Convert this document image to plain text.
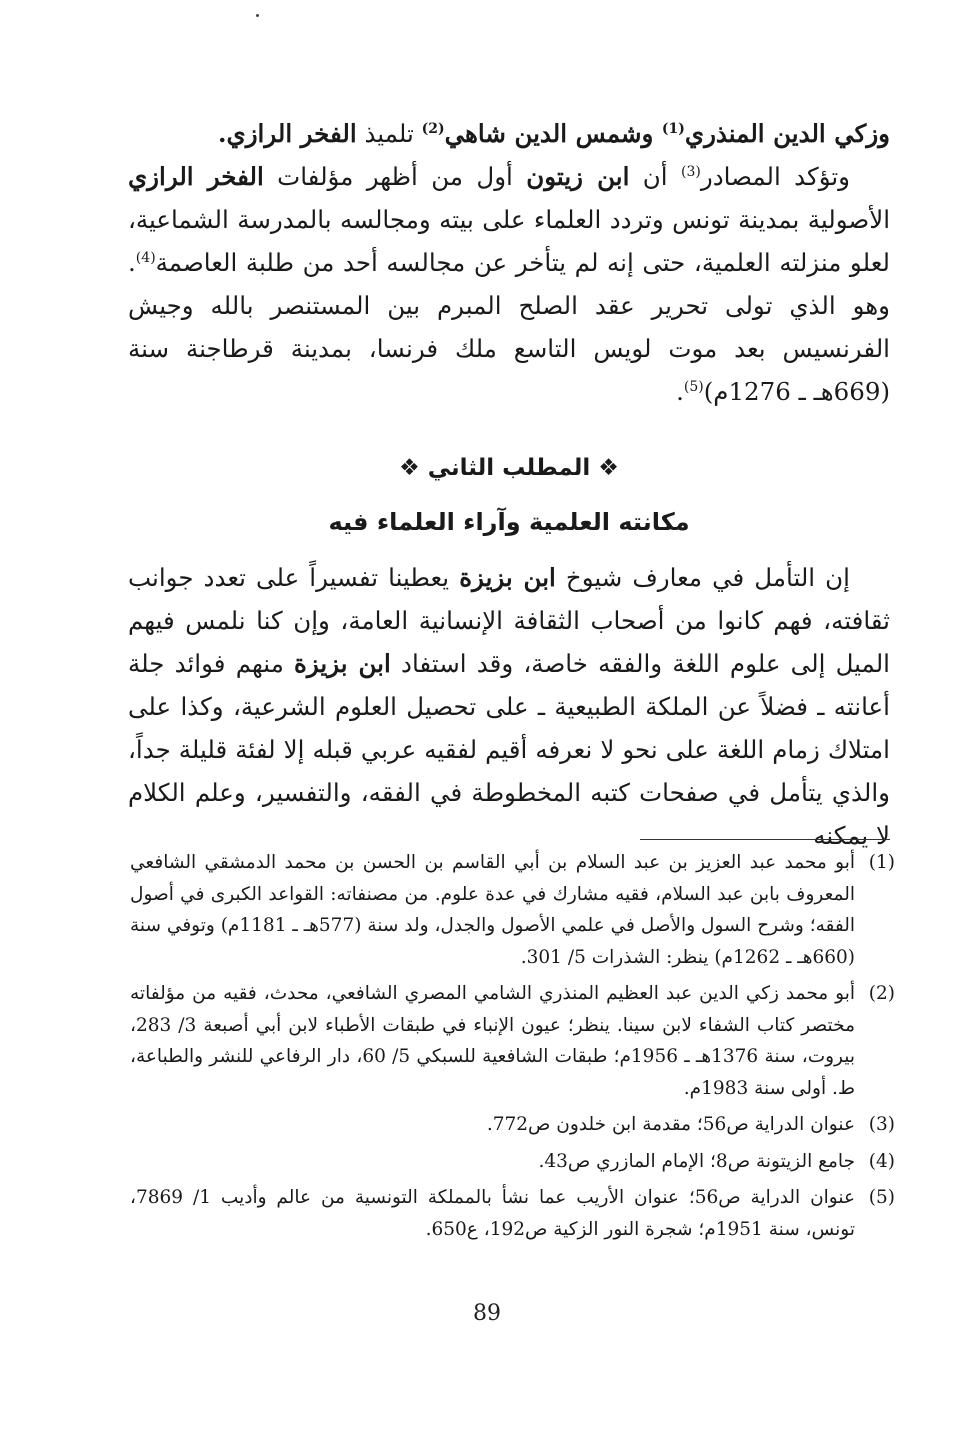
وزكي الدين المنذري$^{(1)}$ وشمس الدين شاهي$^{(2)}$ تلميذ الفخر الرازي.

وتؤكد المصادر$^{(3)}$ أن ابن زيتون أول من أظهر مؤلفات الفخر الرازي الأصولية بمدينة تونس وتردد العلماء على بيته ومجالسه بالمدرسة الشماعية، لعلو منزلته العلمية، حتى إنه لم يتأخر عن مجالسه أحد من طلبة العاصمة$^{(4)}$. وهو الذي تولى تحرير عقد الصلح المبرم بين المستنصر بالله وجيش الفرنسيس بعد موت لويس التاسع ملك فرنسا، بمدينة قرطاجنة سنة (669هـ ـ 1276م)$^{(5)}$.

❖ المطلب الثاني ❖
مكانته العلمية وآراء العلماء فيه

إن التأمل في معارف شيوخ ابن بزيزة يعطينا تفسيراً على تعدد جوانب ثقافته، فهم كانوا من أصحاب الثقافة الإنسانية العامة، وإن كنا نلمس فيهم الميل إلى علوم اللغة والفقه خاصة، وقد استفاد ابن بزيزة منهم فوائد جلة أعانته ـ فضلاً عن الملكة الطبيعية ـ على تحصيل العلوم الشرعية، وكذا على امتلاك زمام اللغة على نحو لا نعرفه أقيم لفقيه عربي قبله إلا لفئة قليلة جداً، والذي يتأمل في صفحات كتبه المخطوطة في الفقه، والتفسير، وعلم الكلام لا يمكنه

(1)
أبو محمد عبد العزيز بن عبد السلام بن أبي القاسم بن الحسن بن محمد الدمشقي الشافعي المعروف بابن عبد السلام، فقيه مشارك في عدة علوم. من مصنفاته: القواعد الكبرى في أصول الفقه؛ وشرح السول والأصل في علمي الأصول والجدل، ولد سنة (577هـ ـ 1181م) وتوفي سنة (660هـ ـ 1262م) ينظر: الشذرات 5/ 301.
(2)
أبو محمد زكي الدين عبد العظيم المنذري الشامي المصري الشافعي، محدث، فقيه من مؤلفاته مختصر كتاب الشفاء لابن سينا. ينظر؛ عيون الإنباء في طبقات الأطباء لابن أبي أصبعة 3/ 283، بيروت، سنة 1376هـ ـ 1956م؛ طبقات الشافعية للسبكي 5/ 60، دار الرفاعي للنشر والطباعة، ط. أولى سنة 1983م.
(3)
عنوان الدراية ص56؛ مقدمة ابن خلدون ص772.
(4)
جامع الزيتونة ص8؛ الإمام المازري ص43.
(5)
عنوان الدراية ص56؛ عنوان الأريب عما نشأ بالمملكة التونسية من عالم وأديب 1/ 7869، تونس، سنة 1951م؛ شجرة النور الزكية ص192، ع650.
89
